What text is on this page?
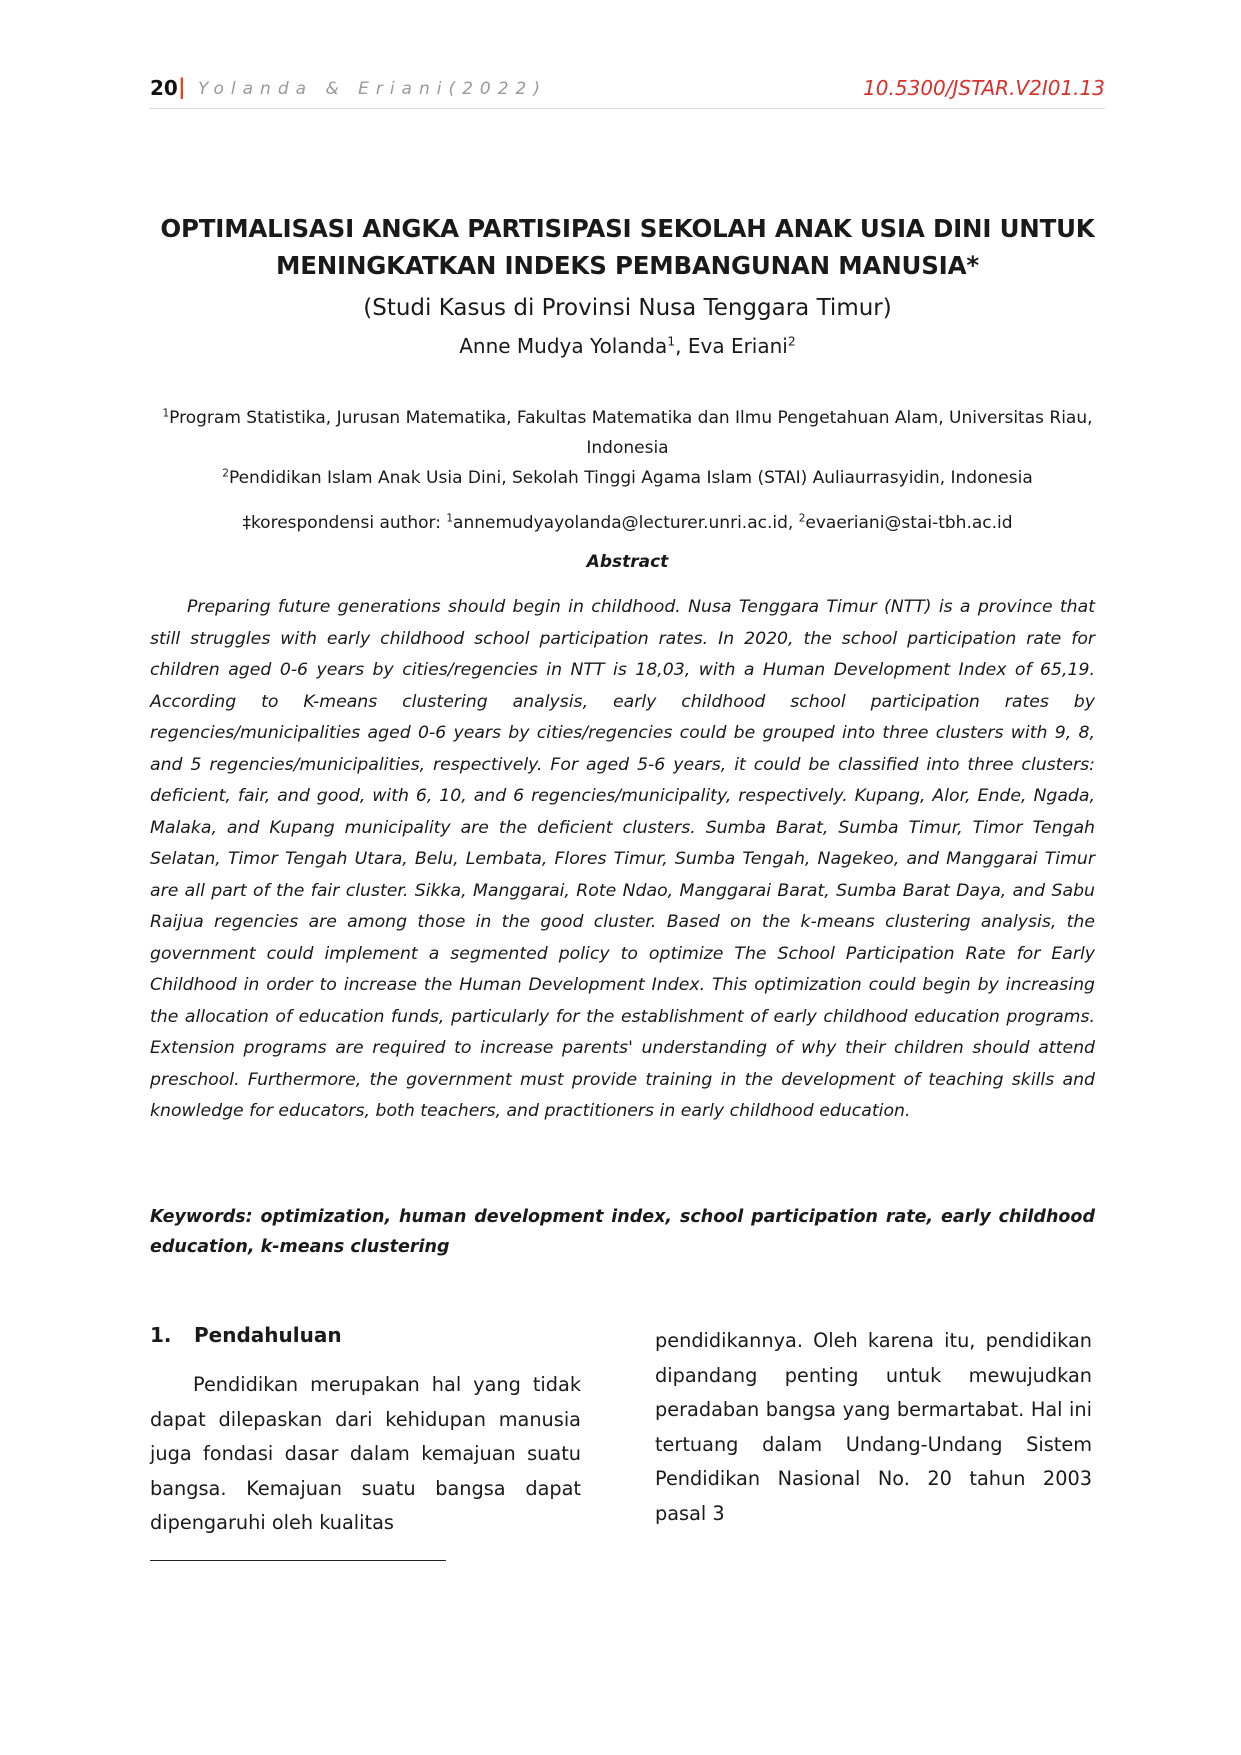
20 | Yolanda & Eriani(2022)	10.5300/JSTAR.V2I01.13
OPTIMALISASI ANGKA PARTISIPASI SEKOLAH ANAK USIA DINI UNTUK MENINGKATKAN INDEKS PEMBANGUNAN MANUSIA*
(Studi Kasus di Provinsi Nusa Tenggara Timur)
Anne Mudya Yolanda$^1$, Eva Eriani$^2$
$^1$Program Statistika, Jurusan Matematika, Fakultas Matematika dan Ilmu Pengetahuan Alam, Universitas Riau, Indonesia
$^2$Pendidikan Islam Anak Usia Dini, Sekolah Tinggi Agama Islam (STAI) Auliaurrasyidin, Indonesia
‡korespondensi author: $^1$annemudyayolanda@lecturer.unri.ac.id, $^2$evaeriani@stai-tbh.ac.id
Abstract

Preparing future generations should begin in childhood. Nusa Tenggara Timur (NTT) is a province that still struggles with early childhood school participation rates. In 2020, the school participation rate for children aged 0-6 years by cities/regencies in NTT is 18,03, with a Human Development Index of 65,19. According to K-means clustering analysis, early childhood school participation rates by regencies/municipalities aged 0-6 years by cities/regencies could be grouped into three clusters with 9, 8, and 5 regencies/municipalities, respectively. For aged 5-6 years, it could be classified into three clusters: deficient, fair, and good, with 6, 10, and 6 regencies/municipality, respectively. Kupang, Alor, Ende, Ngada, Malaka, and Kupang municipality are the deficient clusters. Sumba Barat, Sumba Timur, Timor Tengah Selatan, Timor Tengah Utara, Belu, Lembata, Flores Timur, Sumba Tengah, Nagekeo, and Manggarai Timur are all part of the fair cluster. Sikka, Manggarai, Rote Ndao, Manggarai Barat, Sumba Barat Daya, and Sabu Raijua regencies are among those in the good cluster. Based on the k-means clustering analysis, the government could implement a segmented policy to optimize The School Participation Rate for Early Childhood in order to increase the Human Development Index. This optimization could begin by increasing the allocation of education funds, particularly for the establishment of early childhood education programs. Extension programs are required to increase parents' understanding of why their children should attend preschool. Furthermore, the government must provide training in the development of teaching skills and knowledge for educators, both teachers, and practitioners in early childhood education.

Keywords: optimization, human development index, school participation rate, early childhood education, k-means clustering
1. Pendahuluan

Pendidikan merupakan hal yang tidak dapat dilepaskan dari kehidupan manusia juga fondasi dasar dalam kemajuan suatu bangsa. Kemajuan suatu bangsa dapat dipengaruhi oleh kualitas

pendidikannya. Oleh karena itu, pendidikan dipandang penting untuk mewujudkan peradaban bangsa yang bermartabat. Hal ini tertuang dalam Undang-Undang Sistem Pendidikan Nasional No. 20 tahun 2003 pasal 3
